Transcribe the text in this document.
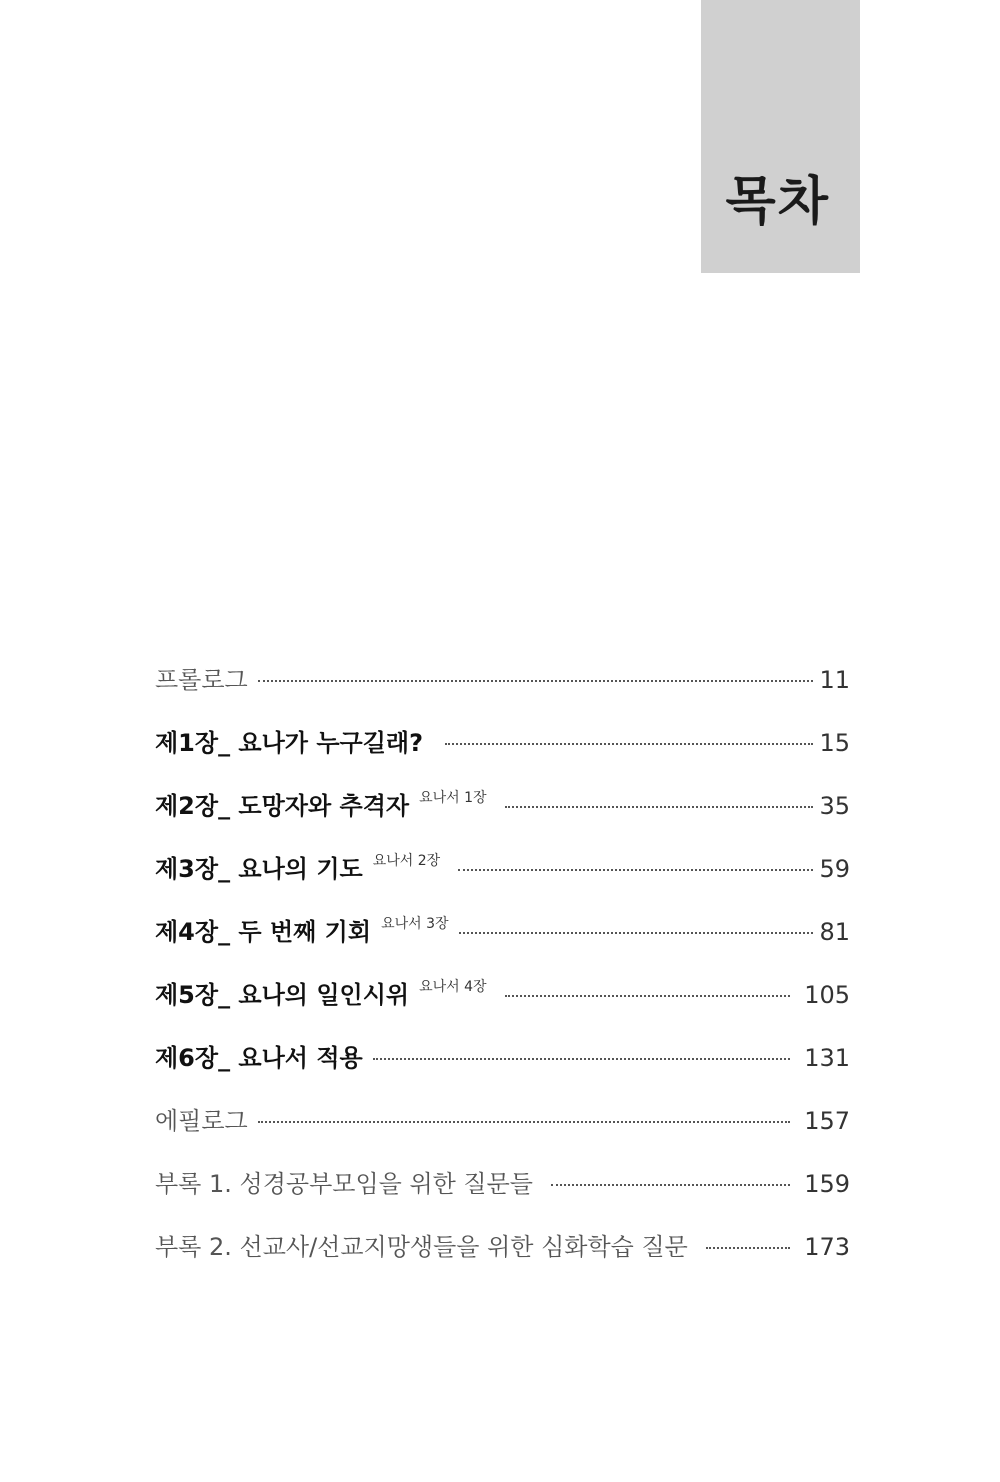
목차
프롤로그	11
제1장_ 요나가 누구길래?	15
제2장_ 도망자와 추격자 요나서 1장	35
제3장_ 요나의 기도 요나서 2장	59
제4장_ 두 번째 기회 요나서 3장	81
제5장_ 요나의 일인시위 요나서 4장	105
제6장_ 요나서 적용	131
에필로그	157
부록 1. 성경공부모임을 위한 질문들	159
부록 2. 선교사/선교지망생들을 위한 심화학습 질문	173
